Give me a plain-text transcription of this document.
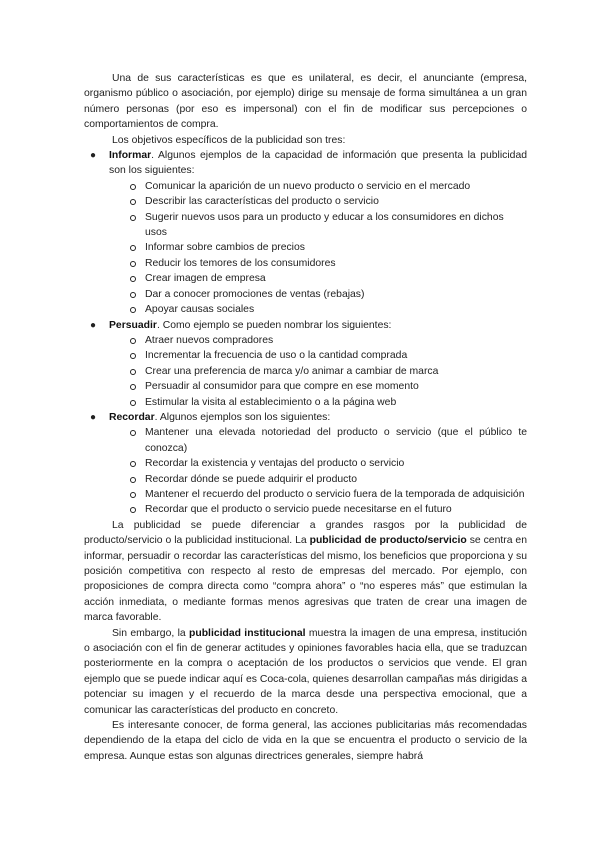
Una de sus características es que es unilateral, es decir, el anunciante (empresa, organismo público o asociación, por ejemplo) dirige su mensaje de forma simultánea a un gran número personas (por eso es impersonal) con el fin de modificar sus percepciones o comportamientos de compra.

Los objetivos específicos de la publicidad son tres:

● Informar. Algunos ejemplos de la capacidad de información que presenta la publicidad son los siguientes:

Comunicar la aparición de un nuevo producto o servicio en el mercado
Describir las características del producto o servicio
Sugerir nuevos usos para un producto y educar a los consumidores en dichos usos
Informar sobre cambios de precios
Reducir los temores de los consumidores
Crear imagen de empresa
Dar a conocer promociones de ventas (rebajas)
Apoyar causas sociales
● Persuadir. Como ejemplo se pueden nombrar los siguientes:

Atraer nuevos compradores
Incrementar la frecuencia de uso o la cantidad comprada
Crear una preferencia de marca y/o animar a cambiar de marca
Persuadir al consumidor para que compre en ese momento
Estimular la visita al establecimiento o a la página web
● Recordar. Algunos ejemplos son los siguientes:

Mantener una elevada notoriedad del producto o servicio (que el público te conozca)

Recordar la existencia y ventajas del producto o servicio
Recordar dónde se puede adquirir el producto

Mantener el recuerdo del producto o servicio fuera de la temporada de adquisición

Recordar que el producto o servicio puede necesitarse en el futuro

La publicidad se puede diferenciar a grandes rasgos por la publicidad de producto/servicio o la publicidad institucional. La publicidad de producto/servicio se centra en informar, persuadir o recordar las características del mismo, los beneficios que proporciona y su posición competitiva con respecto al resto de empresas del mercado. Por ejemplo, con proposiciones de compra directa como “compra ahora” o “no esperes más” que estimulan la acción inmediata, o mediante formas menos agresivas que traten de crear una imagen de marca favorable.

Sin embargo, la publicidad institucional muestra la imagen de una empresa, institución o asociación con el fin de generar actitudes y opiniones favorables hacia ella, que se traduzcan posteriormente en la compra o aceptación de los productos o servicios que vende. El gran ejemplo que se puede indicar aquí es Coca-cola, quienes desarrollan campañas más dirigidas a potenciar su imagen y el recuerdo de la marca desde una perspectiva emocional, que a comunicar las características del producto en concreto.

Es interesante conocer, de forma general, las acciones publicitarias más recomendadas dependiendo de la etapa del ciclo de vida en la que se encuentra el producto o servicio de la empresa. Aunque estas son algunas directrices generales, siempre habrá
